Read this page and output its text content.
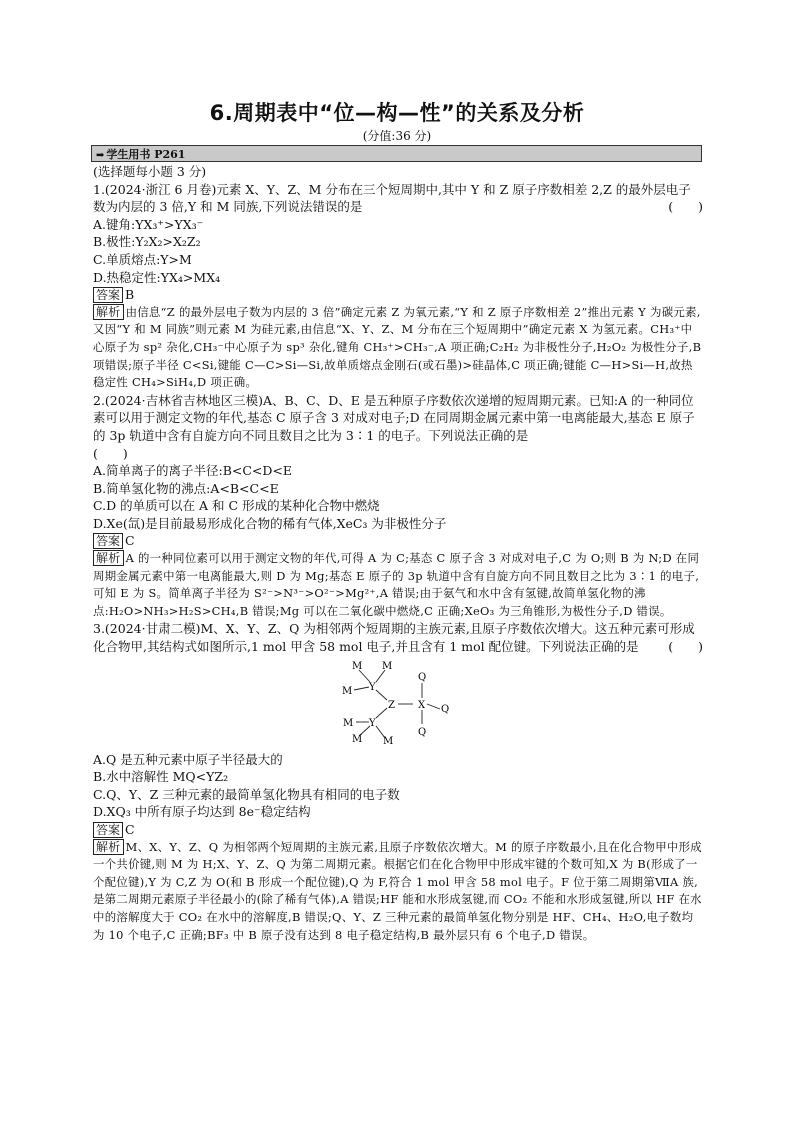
6.周期表中“位—构—性”的关系及分析
(分值:36 分)
➡ 学生用书 P261

(选择题每小题 3 分)

1.(2024·浙江 6 月卷)元素 X、Y、Z、M 分布在三个短周期中,其中 Y 和 Z 原子序数相差 2,Z 的最外层电子数为内层的 3 倍,Y 和 M 同族,下列说法错误的是	(　　)

A.键角:YX₃⁺>YX₃⁻

B.极性:Y₂X₂>X₂Z₂

C.单质熔点:Y>M

D.热稳定性:YX₄>MX₄

答案 B

解析 由信息“Z 的最外层电子数为内层的 3 倍”确定元素 Z 为氧元素,“Y 和 Z 原子序数相差 2”推出元素 Y 为碳元素,又因“Y 和 M 同族”则元素 M 为硅元素,由信息“X、Y、Z、M 分布在三个短周期中”确定元素 X 为氢元素。CH₃⁺中心原子为 sp² 杂化,CH₃⁻中心原子为 sp³ 杂化,键角 CH₃⁺>CH₃⁻,A 项正确;C₂H₂ 为非极性分子,H₂O₂ 为极性分子,B 项错误;原子半径 C<Si,键能 C—C>Si—Si,故单质熔点金刚石(或石墨)>硅晶体,C 项正确;键能 C—H>Si—H,故热稳定性 CH₄>SiH₄,D 项正确。

2.(2024·吉林省吉林地区三模)A、B、C、D、E 是五种原子序数依次递增的短周期元素。已知:A 的一种同位素可以用于测定文物的年代,基态 C 原子含 3 对成对电子;D 在同周期金属元素中第一电离能最大,基态 E 原子的 3p 轨道中含有自旋方向不同且数目之比为 3∶1 的电子。下列说法正确的是

(　　)

A.简单离子的离子半径:B<C<D<E

B.简单氢化物的沸点:A<B<C<E

C.D 的单质可以在 A 和 C 形成的某种化合物中燃烧

D.Xe(氙)是目前最易形成化合物的稀有气体,XeC₃ 为非极性分子

答案 C

解析 A 的一种同位素可以用于测定文物的年代,可得 A 为 C;基态 C 原子含 3 对成对电子,C 为 O;则 B 为 N;D 在同周期金属元素中第一电离能最大,则 D 为 Mg;基态 E 原子的 3p 轨道中含有自旋方向不同且数目之比为 3∶1 的电子,可知 E 为 S。简单离子半径为 S²⁻>N³⁻>O²⁻>Mg²⁺,A 错误;由于氨气和水中含有氢键,故简单氢化物的沸点:H₂O>NH₃>H₂S>CH₄,B 错误;Mg 可以在二氧化碳中燃烧,C 正确;XeO₃ 为三角锥形,为极性分子,D 错误。

3.(2024·甘肃二模)M、X、Y、Z、Q 为相邻两个短周期的主族元素,且原子序数依次增大。这五种元素可形成化合物甲,其结构式如图所示,1 mol 甲含 58 mol 电子,并且含有 1 mol 配位键。下列说法正确的是 (　　)

M M
M Y
Z X
Q
Q
Q
Y
M
M M

A.Q 是五种元素中原子半径最大的

B.水中溶解性 MQ<YZ₂

C.Q、Y、Z 三种元素的最简单氢化物具有相同的电子数

D.XQ₃ 中所有原子均达到 8e⁻稳定结构

答案 C

解析 M、X、Y、Z、Q 为相邻两个短周期的主族元素,且原子序数依次增大。M 的原子序数最小,且在化合物甲中形成一个共价键,则 M 为 H;X、Y、Z、Q 为第二周期元素。根据它们在化合物甲中形成牢键的个数可知,X 为 B(形成了一个配位键),Y 为 C,Z 为 O(和 B 形成一个配位键),Q 为 F,符合 1 mol 甲含 58 mol 电子。F 位于第二周期第ⅦA 族,是第二周期元素原子半径最小的(除了稀有气体),A 错误;HF 能和水形成氢键,而 CO₂ 不能和水形成氢键,所以 HF 在水中的溶解度大于 CO₂ 在水中的溶解度,B 错误;Q、Y、Z 三种元素的最简单氢化物分别是 HF、CH₄、H₂O,电子数均为 10 个电子,C 正确;BF₃ 中 B 原子没有达到 8 电子稳定结构,B 最外层只有 6 个电子,D 错误。
